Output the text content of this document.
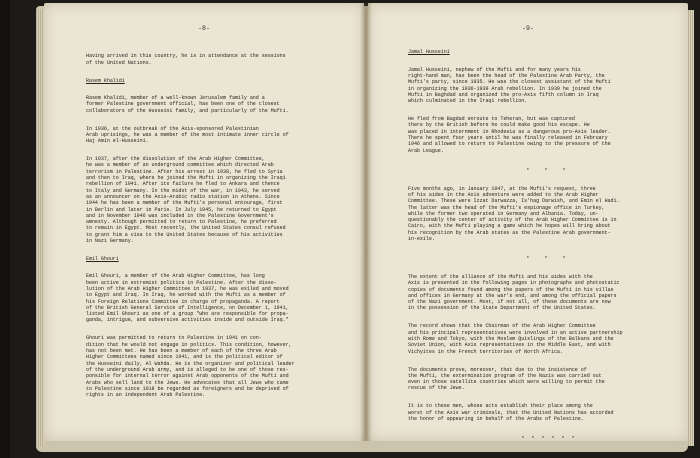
-8-

Having arrived in this country, he is in attendance at the sessions
of the United Nations.

Rasem Khalidi

Rasem Khalidi, member of a well-known Jerusalem family and a
former Palestine government official, has been one of the closest
collaborators of the Husseini family, and particularly of the Mufti.

In 1936, at the outbreak of the Axis-sponsored Palestinian
Arab uprisings, he was a member of the most intimate inner circle of
Haj Amin el-Husseini.

In 1937, after the dissolution of the Arab Higher Committee,
he was a member of an underground committee which directed Arab
terrorism in Palestine. After his arrest in 1938, he fled to Syria
and then to Iraq, where he joined the Mufti in organizing the Iraqi
rebellion of 1941. After its failure he fled to Ankara and thence
to Italy and Germany. In the midst of the war, in 1943, he served
as an announcer on the Axis-Arabic radio station in Athens. Since
1944 he has been a member of the Mufti's personal entourage, first
in Berlin and later in Paris. In July 1945, he returned to Egypt
and in November 1946 was included in the Palestine Government's
amnesty. Although permitted to return to Palestine, he preferred
to remain in Egypt. Most recently, the United States consul refused
to grant him a visa to the United States because of his activities
in Nazi Germany.

Emil Ghouri

Emil Ghouri, a member of the Arab Higher Committee, has long
been active in extremist politics in Palestine. After the disso-
lution of the Arab Higher Committee in 1937, he was exiled and moved
to Egypt and Iraq. In Iraq, he worked with the Mufti as a member of
his Foreign Relations Committee in charge of propaganda. A report
of the British General Service of Intelligence, on December 1, 1941,
listed Emil Ghouri as one of a group "who are responsible for propa-
ganda, intrigue, and subversive activities inside and outside Iraq."

Ghouri was permitted to return to Palestine in 1941 on con-
dition that he would not engage in politics. This condition, however,
has not been met. He has been a member of each of the three Arab
Higher Committees named since 1941, and is the political editor of
the Husseini daily, Al Wahda. He is the organizer and political leader
of the underground Arab army, and is alleged to be one of those res-
ponsible for internal terror against Arab opponents of the Mufti and
Arabs who sell land to the Jews. He advocates that all Jews who came
to Palestine since 1918 be regarded as foreigners and be deprived of
rights in an independent Arab Palestine.

-9-

Jamal Husseini

Jamal Husseini, nephew of the Mufti and for many years his
right-hand man, has been the head of the Palestine Arab Party, the
Mufti's party, since 1935. He was the closest assistant of the Mufti
in organizing the 1936-1939 Arab rebellion. In 1939 he joined the
Mufti in Baghdad and organized the pro-Axis fifth column in Iraq
which culminated in the Iraqi rebellion.

He fled from Bagdad enroute to Teheran, but was captured
there by the British before he could make good his escape. He
was placed in internment in Rhodesia as a dangerous pro-Axis leader.
There he spent four years until he was finally released in February
1946 and allowed to return to Palestine owing to the pressure of the
Arab League.

* * *

Five months ago, in January 1947, at the Mufti's request, three
of his aides in the Axis adventure were added to the Arab Higher
Committee. These were Izzat Darwazza, Is'hag Darwish, and Emin el Hadi.
The latter was the head of the Mufti's espionage office in Turkey,
while the former two operated in Germany and Albania. Today, un-
questionably the center of activity of the Arab Higher Committee is in
Cairo, with the Mufti playing a game which he hopes will bring about
his recognition by the Arab states as the Palestine Arab government-
in-exile.

* * *

The extent of the alliance of the Mufti and his aides with the
Axis is presented in the following pages in photographs and photostatic
copies of documents found among the papers of the Mufti in his villas
and offices in Germany at the war's end, and among the official papers
of the Nazi government. Most, if not all, of these documents are now
in the possession of the State Department of the United States.

The record shows that the Chairman of the Arab Higher Committee
and his principal representatives were involved in an active partnership
with Rome and Tokyo, with the Moslem Quislings of the Balkans and the
Soviet Union, with Axis representatives in the Middle East, and with
Vichyites in the French territories of North Africa.

The documents prove, moreover, that due to the insistence of
the Mufti, the extermination program of the Nazis was carried out
even in those satellite countries which were willing to permit the
rescue of the Jews.

It is to these men, whose acts establish their place among the
worst of the Axis war criminals, that the United Nations has accorded
the honor of appearing in behalf of the Arabs of Palestine.

* * * * * *
